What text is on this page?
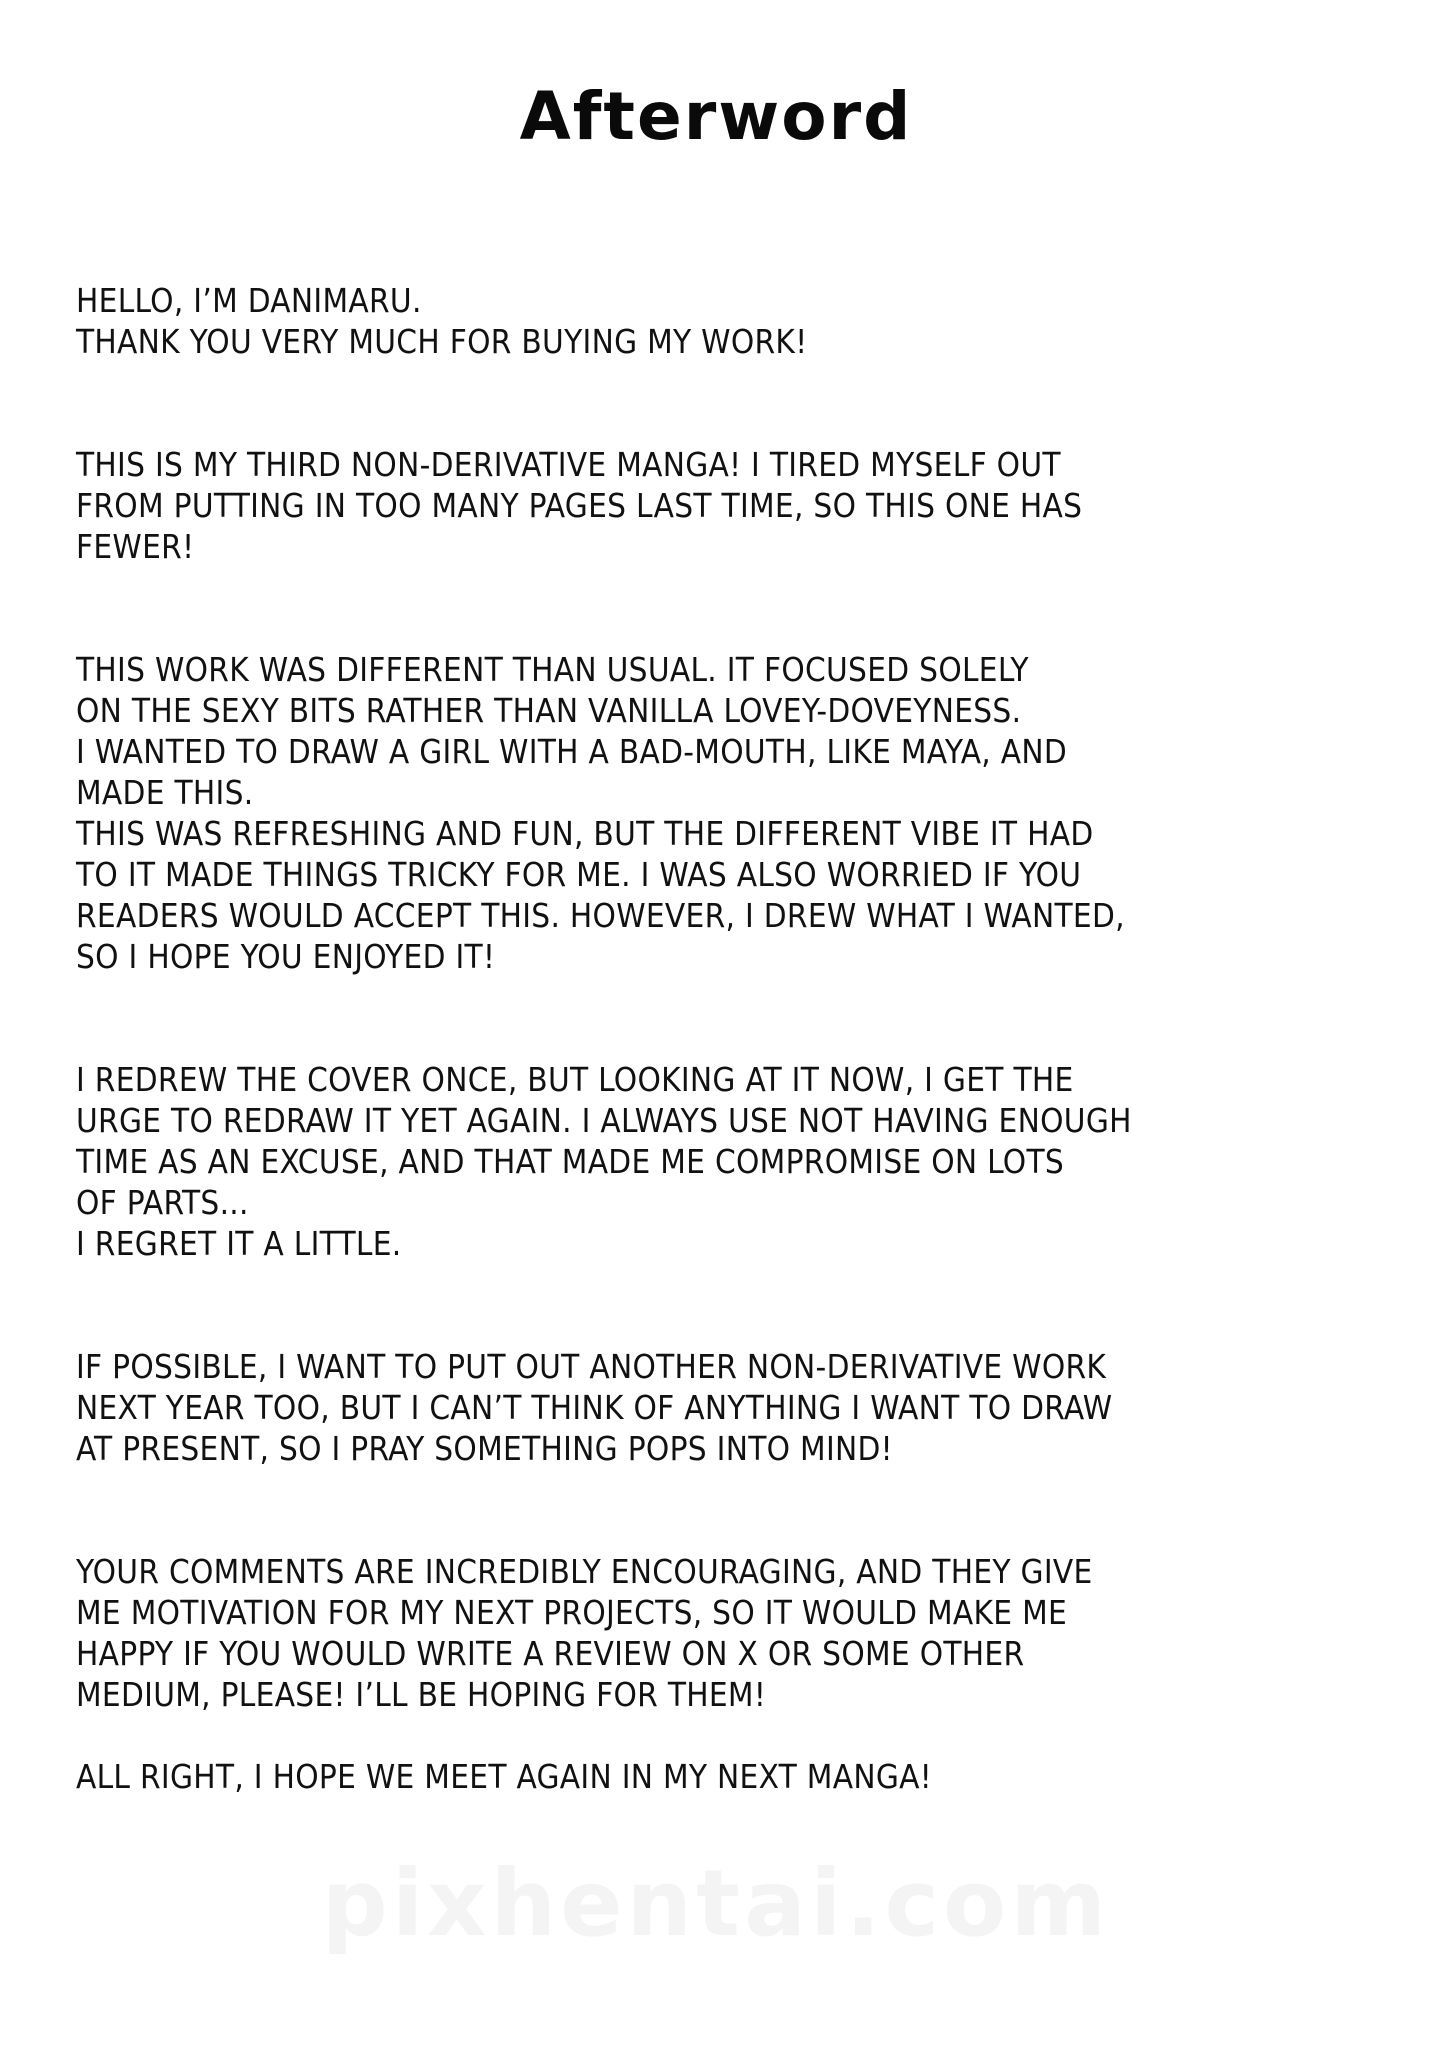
Afterword

HELLO, I’M DANIMARU.
THANK YOU VERY MUCH FOR BUYING MY WORK!

THIS IS MY THIRD NON-DERIVATIVE MANGA! I TIRED MYSELF OUT
FROM PUTTING IN TOO MANY PAGES LAST TIME, SO THIS ONE HAS
FEWER!

THIS WORK WAS DIFFERENT THAN USUAL. IT FOCUSED SOLELY
ON THE SEXY BITS RATHER THAN VANILLA LOVEY-DOVEYNESS.
I WANTED TO DRAW A GIRL WITH A BAD-MOUTH, LIKE MAYA, AND
MADE THIS.
THIS WAS REFRESHING AND FUN, BUT THE DIFFERENT VIBE IT HAD
TO IT MADE THINGS TRICKY FOR ME. I WAS ALSO WORRIED IF YOU
READERS WOULD ACCEPT THIS. HOWEVER, I DREW WHAT I WANTED,
SO I HOPE YOU ENJOYED IT!

I REDREW THE COVER ONCE, BUT LOOKING AT IT NOW, I GET THE
URGE TO REDRAW IT YET AGAIN. I ALWAYS USE NOT HAVING ENOUGH
TIME AS AN EXCUSE, AND THAT MADE ME COMPROMISE ON LOTS
OF PARTS...
I REGRET IT A LITTLE.

IF POSSIBLE, I WANT TO PUT OUT ANOTHER NON-DERIVATIVE WORK
NEXT YEAR TOO, BUT I CAN’T THINK OF ANYTHING I WANT TO DRAW
AT PRESENT, SO I PRAY SOMETHING POPS INTO MIND!

YOUR COMMENTS ARE INCREDIBLY ENCOURAGING, AND THEY GIVE
ME MOTIVATION FOR MY NEXT PROJECTS, SO IT WOULD MAKE ME
HAPPY IF YOU WOULD WRITE A REVIEW ON X OR SOME OTHER
MEDIUM, PLEASE! I’LL BE HOPING FOR THEM!

ALL RIGHT, I HOPE WE MEET AGAIN IN MY NEXT MANGA!

pixhentai.com
